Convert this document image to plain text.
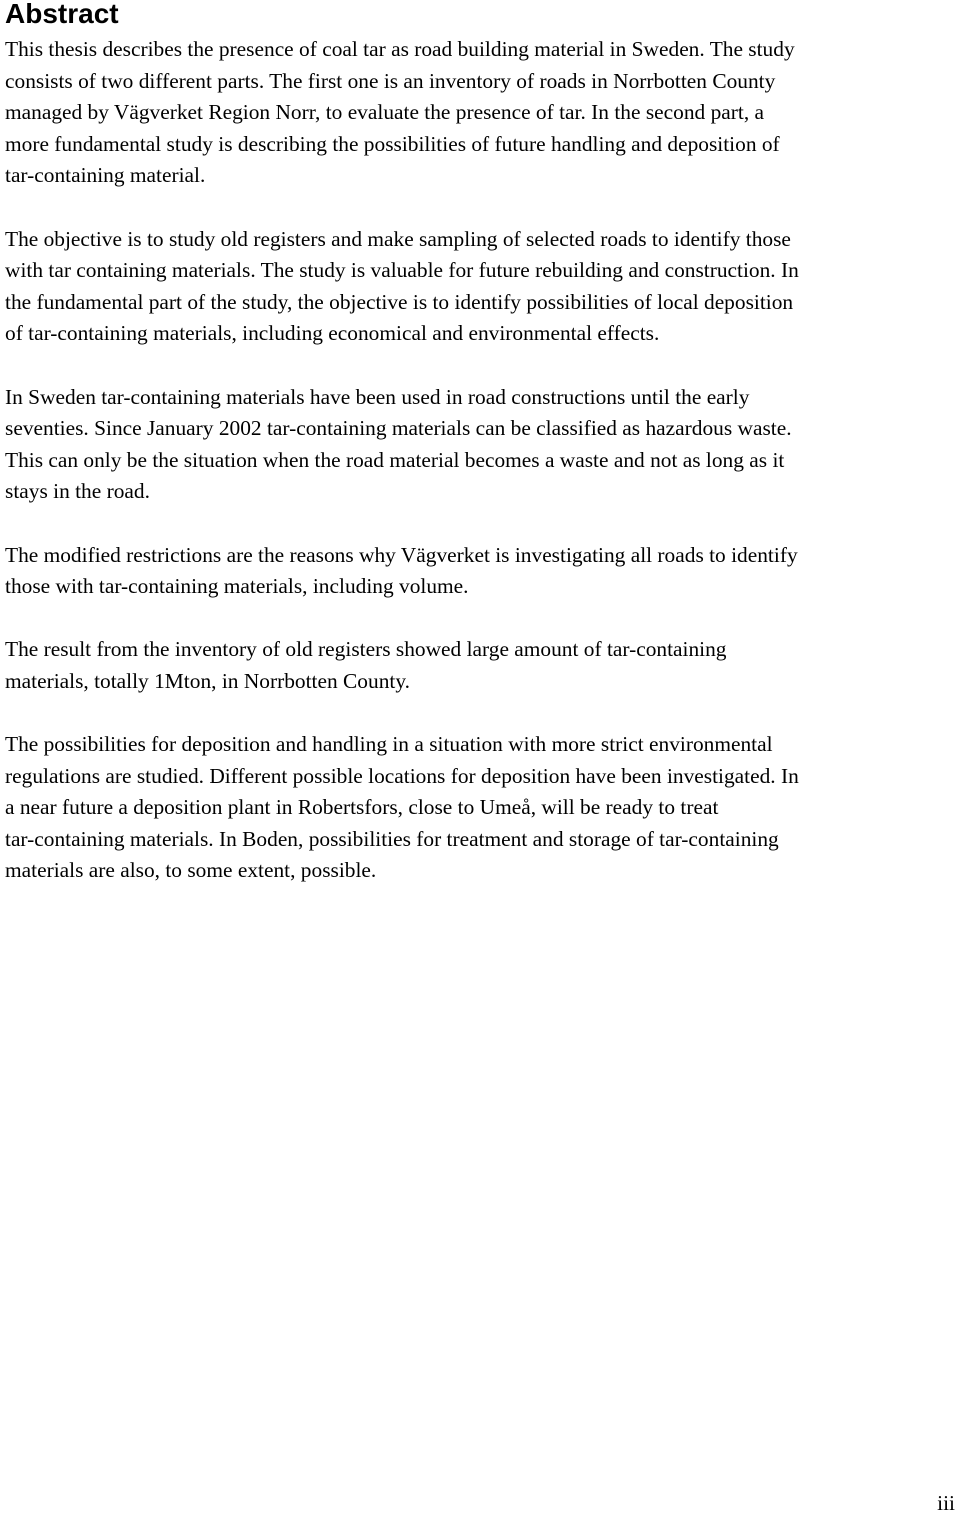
Abstract

This thesis describes the presence of coal tar as road building material in Sweden. The study
consists of two different parts. The first one is an inventory of roads in Norrbotten County
managed by Vägverket Region Norr, to evaluate the presence of tar. In the second part, a
more fundamental study is describing the possibilities of future handling and deposition of
tar-containing material.

The objective is to study old registers and make sampling of selected roads to identify those
with tar containing materials. The study is valuable for future rebuilding and construction. In
the fundamental part of the study, the objective is to identify possibilities of local deposition
of tar-containing materials, including economical and environmental effects.

In Sweden tar-containing materials have been used in road constructions until the early
seventies. Since January 2002 tar-containing materials can be classified as hazardous waste.
This can only be the situation when the road material becomes a waste and not as long as it
stays in the road.

The modified restrictions are the reasons why Vägverket is investigating all roads to identify
those with tar-containing materials, including volume.

The result from the inventory of old registers showed large amount of tar-containing
materials, totally 1Mton, in Norrbotten County.

The possibilities for deposition and handling in a situation with more strict environmental
regulations are studied. Different possible locations for deposition have been investigated. In
a near future a deposition plant in Robertsfors, close to Umeå, will be ready to treat
tar-containing materials. In Boden, possibilities for treatment and storage of tar-containing
materials are also, to some extent, possible.

iii
